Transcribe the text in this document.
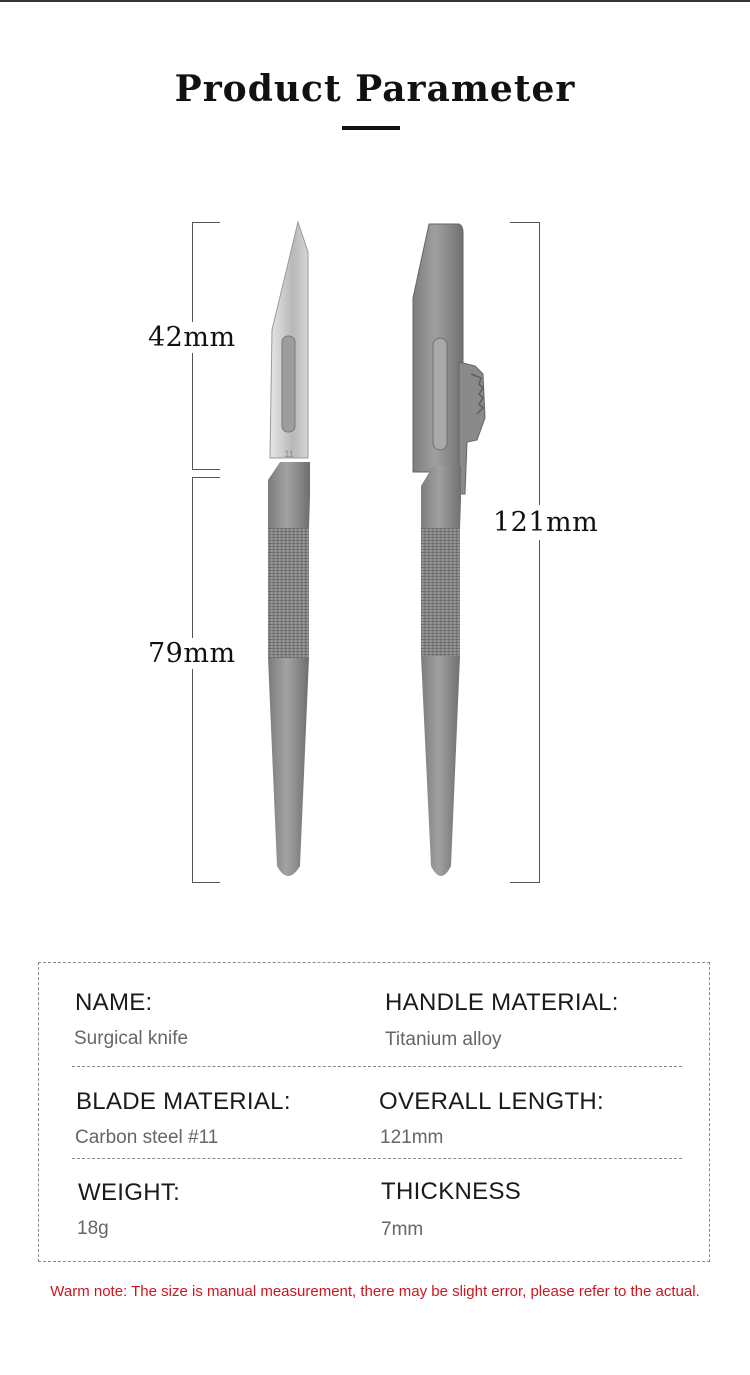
Product Parameter
42mm
79mm
121mm
11
NAME:
Surgical knife
HANDLE MATERIAL:
Titanium alloy
BLADE MATERIAL:
Carbon steel #11
OVERALL LENGTH:
121mm
WEIGHT:
18g
THICKNESS
7mm
Warm note: The size is manual measurement, there may be slight error, please refer to the actual.
